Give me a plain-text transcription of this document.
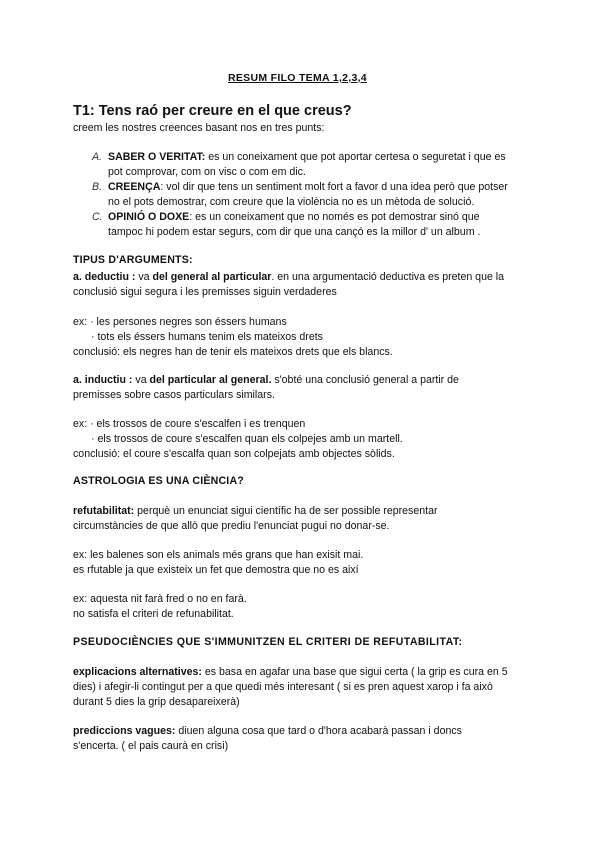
RESUM FILO TEMA 1,2,3,4
T1: Tens raó per creure en el que creus?
creem les nostres creences basant nos en tres punts:
A. SABER O VERITAT: es un coneixament que pot aportar certesa o seguretat i que es
pot comprovar, com on visc o com em dic.
B. CREENÇA: vol dir que tens un sentiment molt fort a favor d una idea però que potser
no el pots demostrar, com creure que la violència no es un mètoda de solució.
C. OPINIÓ O DOXE: es un coneixament que no només es pot demostrar sinó que
tampoc hi podem estar segurs, com dir que una cançó es la millor d' un album .
TIPUS D'ARGUMENTS:
a. deductiu : va del general al particular. en una argumentació deductiva es preten que la
conclusió sigui segura i les premisses siguin verdaderes
ex: · les persones negres son éssers humans
· tots els éssers humans tenim els mateixos drets
conclusió: els negres han de tenir els mateixos drets que els blancs.
a. inductiu : va del particular al general. s'obté una conclusió general a partir de
premisses sobre casos particulars similars.
ex: · els trossos de coure s'escalfen i es trenquen
· els trossos de coure s'escalfen quan els colpejes amb un martell.
conclusió: el coure s'escalfa quan son colpejats amb objectes sòlids.
ASTROLOGIA ES UNA CIÈNCIA?
refutabilitat: perquè un enunciat sigui científic ha de ser possible representar
circumstàncies de que allò que prediu l'enunciat pugui no donar-se.
ex: les balenes son els animals més grans que han exisit mai.
es rfutable ja que existeix un fet que demostra que no es així
ex: aquesta nit farà fred o no en farà.
no satisfa el criteri de refunabilitat.
PSEUDOCIÈNCIES QUE S'IMMUNITZEN EL CRITERI DE REFUTABILITAT:
explicacions alternatives: es basa en agafar una base que sigui certa ( la grip es cura en 5
dies) i afegir-li contingut per a que quedi més interesant ( si es pren aquest xarop i fa això
durant 5 dies la grip desapareixerà)
prediccions vagues: diuen alguna cosa que tard o d'hora acabarà passan i doncs
s'encerta. ( el pais caurà en crisi)
